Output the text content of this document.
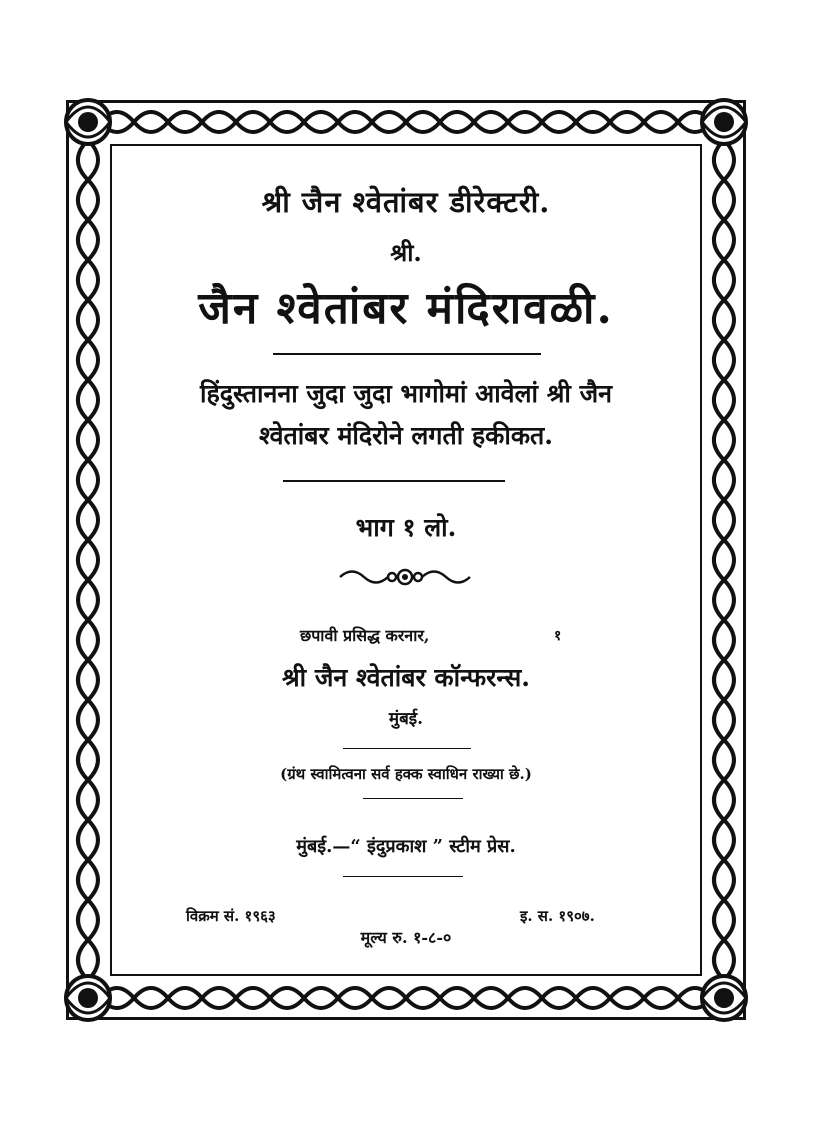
श्री जैन श्वेतांबर डीरेक्टरी.
श्री.
जैन श्वेतांबर मंदिरावळी.
हिंदुस्तानना जुदा जुदा भागोमां आवेलां श्री जैन
श्वेतांबर मंदिरोने लगती हकीकत.
भाग १ लो.
छपावी प्रसिद्ध करनार,	१
श्री जैन श्वेतांबर कॉन्फरन्स.
मुंबई.
(ग्रंथ स्वामित्वना सर्व हक्क स्वाधिन राख्या छे.)
मुंबई.—“ इंदुप्रकाश ” स्टीम प्रेस.
विक्रम सं. १९६३	इ. स. १९०७.
मूल्य रु. १-८-०
